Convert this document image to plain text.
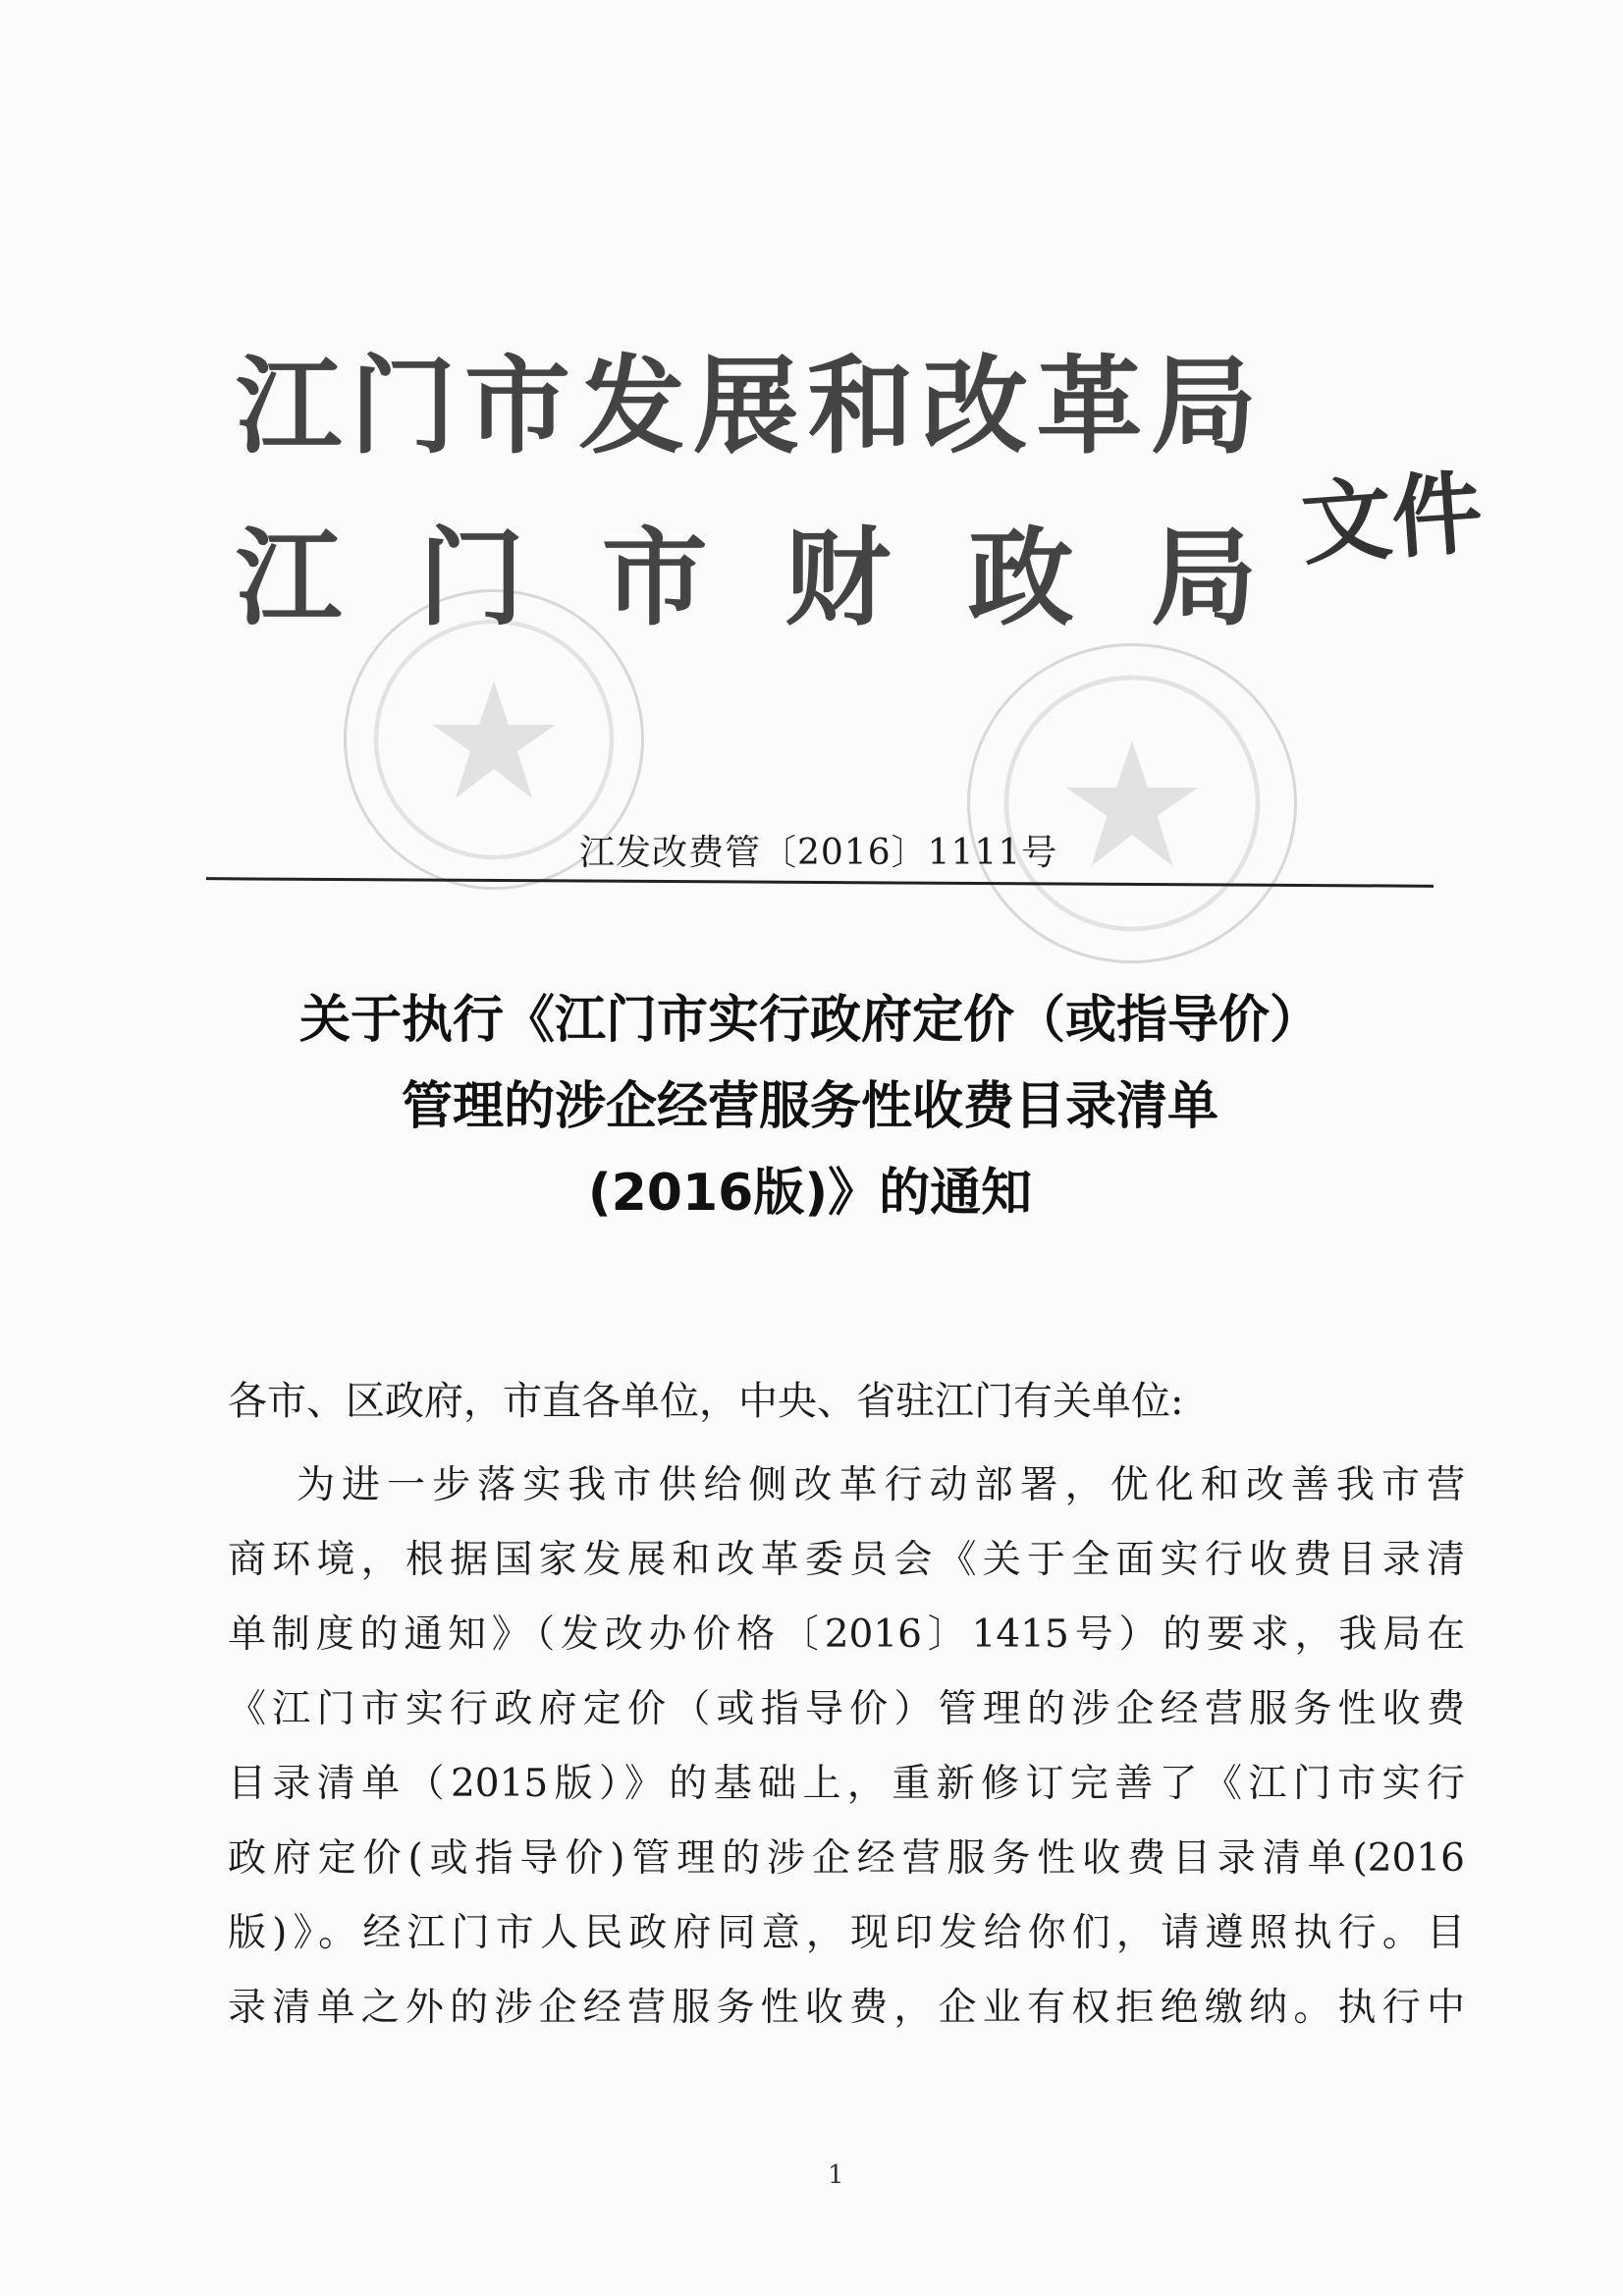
江 门 市 发 展 和 改 革 局
江 门 市 财 政 局 文件
江发改费管〔2016〕1111号
关于执行《江门市实行政府定价（或指导价）
管理的涉企经营服务性收费目录清单
(2016版)》的通知
各市、区政府，市直各单位，中央、省驻江门有关单位:
为进一步落实我市供给侧改革行动部署，优化和改善我市营
商环境，根据国家发展和改革委员会《关于全面实行收费目录清
单制度的通知》（发改办价格〔2016〕1415号）的要求，我局在
《江门市实行政府定价（或指导价）管理的涉企经营服务性收费
目录清单（2015版）》的基础上，重新修订完善了《江门市实行
政府定价(或指导价)管理的涉企经营服务性收费目录清单(2016
版)》。经江门市人民政府同意，现印发给你们，请遵照执行。目
录清单之外的涉企经营服务性收费，企业有权拒绝缴纳。执行中
1
